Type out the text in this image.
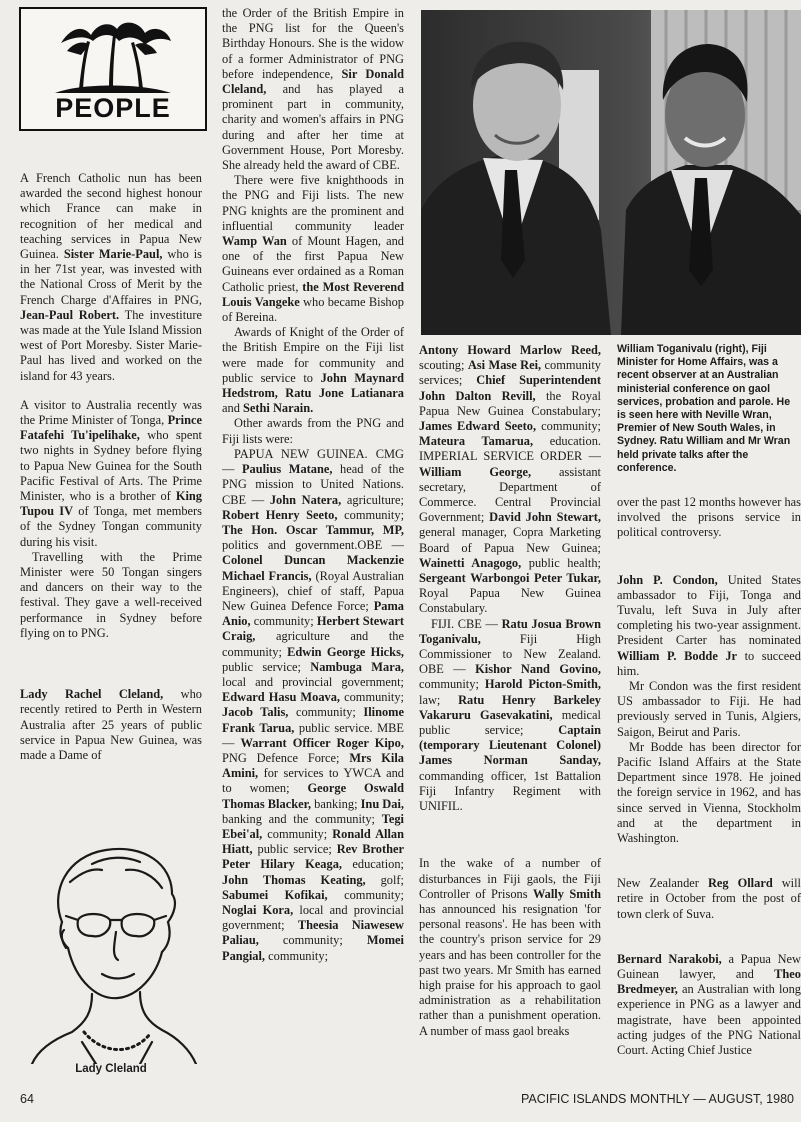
PEOPLE

A French Catholic nun has been awarded the second highest honour which France can make in recognition of her medical and teaching services in Papua New Guinea. Sister Marie-Paul, who is in her 71st year, was invested with the National Cross of Merit by the French Charge d'Affaires in PNG, Jean-Paul Robert. The investiture was made at the Yule Island Mission west of Port Moresby. Sister Marie-Paul has lived and worked on the island for 43 years.

A visitor to Australia recently was the Prime Minister of Tonga, Prince Fatafehi Tu'ipelihake, who spent two nights in Sydney before flying to Papua New Guinea for the South Pacific Festival of Arts. The Prime Minister, who is a brother of King Tupou IV of Tonga, met members of the Sydney Tongan community during his visit.

Travelling with the Prime Minister were 50 Tongan singers and dancers on their way to the festival. They gave a well-received performance in Sydney before flying on to PNG.

Lady Rachel Cleland, who recently retired to Perth in Western Australia after 25 years of public service in Papua New Guinea, was made a Dame of

Lady Cleland

the Order of the British Empire in the PNG list for the Queen's Birthday Honours. She is the widow of a former Administrator of PNG before independence, Sir Donald Cleland, and has played a prominent part in community, charity and women's affairs in PNG during and after her time at Government House, Port Moresby. She already held the award of CBE.

There were five knighthoods in the PNG and Fiji lists. The new PNG knights are the prominent and influential community leader Wamp Wan of Mount Hagen, and one of the first Papua New Guineans ever ordained as a Roman Catholic priest, the Most Reverend Louis Vangeke who became Bishop of Bereina.

Awards of Knight of the Order of the British Empire on the Fiji list were made for community and public service to John Maynard Hedstrom, Ratu Jone Latianara and Sethi Narain.

Other awards from the PNG and Fiji lists were:

PAPUA NEW GUINEA. CMG — Paulius Matane, head of the PNG mission to United Nations. CBE — John Natera, agriculture; Robert Henry Seeto, community; The Hon. Oscar Tammur, MP, politics and government.OBE — Colonel Duncan Mackenzie Michael Francis, (Royal Australian Engineers), chief of staff, Papua New Guinea Defence Force; Pama Anio, community; Herbert Stewart Craig, agriculture and the community; Edwin George Hicks, public service; Nambuga Mara, local and provincial government; Edward Hasu Moava, community; Jacob Talis, community; Ilinome Frank Tarua, public service. MBE — Warrant Officer Roger Kipo, PNG Defence Force; Mrs Kila Amini, for services to YWCA and to women; George Oswald Thomas Blacker, banking; Inu Dai, banking and the community; Tegi Ebei'al, community; Ronald Allan Hiatt, public service; Rev Brother Peter Hilary Keaga, education; John Thomas Keating, golf; Sabumei Kofikai, community; Noglai Kora, local and provincial government; Theesia Niawesew Paliau, community; Momei Pangial, community;

Antony Howard Marlow Reed, scouting; Asi Mase Rei, community services; Chief Superintendent John Dalton Revill, the Royal Papua New Guinea Constabulary; James Edward Seeto, community; Mateura Tamarua, education. IMPERIAL SERVICE ORDER — William George, assistant secretary, Department of Commerce. Central Provincial Government; David John Stewart, general manager, Copra Marketing Board of Papua New Guinea; Wainetti Anagogo, public health; Sergeant Warbongoi Peter Tukar, Royal Papua New Guinea Constabulary.

FIJI. CBE — Ratu Josua Brown Toganivalu, Fiji High Commissioner to New Zealand. OBE — Kishor Nand Govino, community; Harold Picton-Smith, law; Ratu Henry Barkeley Vakaruru Gasevakatini, medical public service; Captain (temporary Lieutenant Colonel) James Norman Sanday, commanding officer, 1st Battalion Fiji Infantry Regiment with UNIFIL.

In the wake of a number of disturbances in Fiji gaols, the Fiji Controller of Prisons Wally Smith has announced his resignation 'for personal reasons'. He has been with the country's prison service for 29 years and has been controller for the past two years. Mr Smith has earned high praise for his approach to gaol administration as a rehabilitation rather than a punishment operation. A number of mass gaol breaks

William Toganivalu (right), Fiji Minister for Home Affairs, was a recent observer at an Australian ministerial conference on gaol services, probation and parole. He is seen here with Neville Wran, Premier of New South Wales, in Sydney. Ratu William and Mr Wran held private talks after the conference.

over the past 12 months however has involved the prisons service in political controversy.

John P. Condon, United States ambassador to Fiji, Tonga and Tuvalu, left Suva in July after completing his two-year assignment. President Carter has nominated William P. Bodde Jr to succeed him.

Mr Condon was the first resident US ambassador to Fiji. He had previously served in Tunis, Algiers, Saigon, Beirut and Paris.

Mr Bodde has been director for Pacific Island Affairs at the State Department since 1978. He joined the foreign service in 1962, and has since served in Vienna, Stockholm and at the department in Washington.

New Zealander Reg Ollard will retire in October from the post of town clerk of Suva.

Bernard Narakobi, a Papua New Guinean lawyer, and Theo Bredmeyer, an Australian with long experience in PNG as a lawyer and magistrate, have been appointed acting judges of the PNG National Court. Acting Chief Justice

64	PACIFIC ISLANDS MONTHLY — AUGUST, 1980
